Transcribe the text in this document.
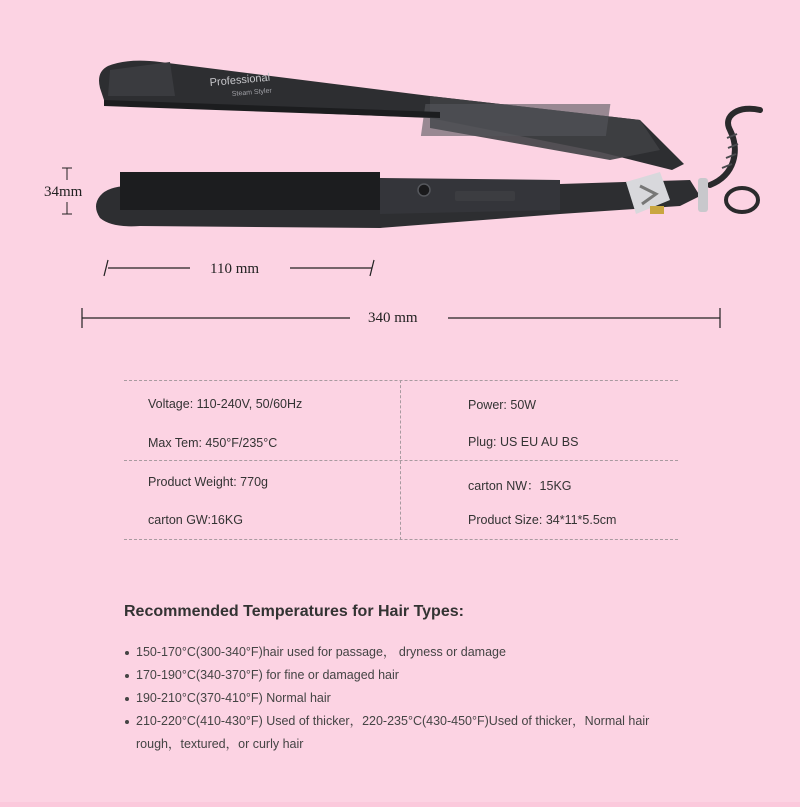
Professional
Steam Styler
34mm
110 mm
340 mm
Voltage: 110-240V, 50/60Hz
Max Tem: 450°F/235°C
Product Weight: 770g
carton GW:16KG
Power: 50W
Plug: US EU AU BS
carton NW：15KG
Product Size: 34*11*5.5cm
Recommended Temperatures for Hair Types:
150-170°C(300-340°F)hair used for passage， dryness or damage
170-190°C(340-370°F) for fine or damaged hair
190-210°C(370-410°F) Normal hair
210-220°C(410-430°F) Used of thicker，220-235°C(430-450°F)Used of thicker，Normal hair
rough，textured，or curly hair
